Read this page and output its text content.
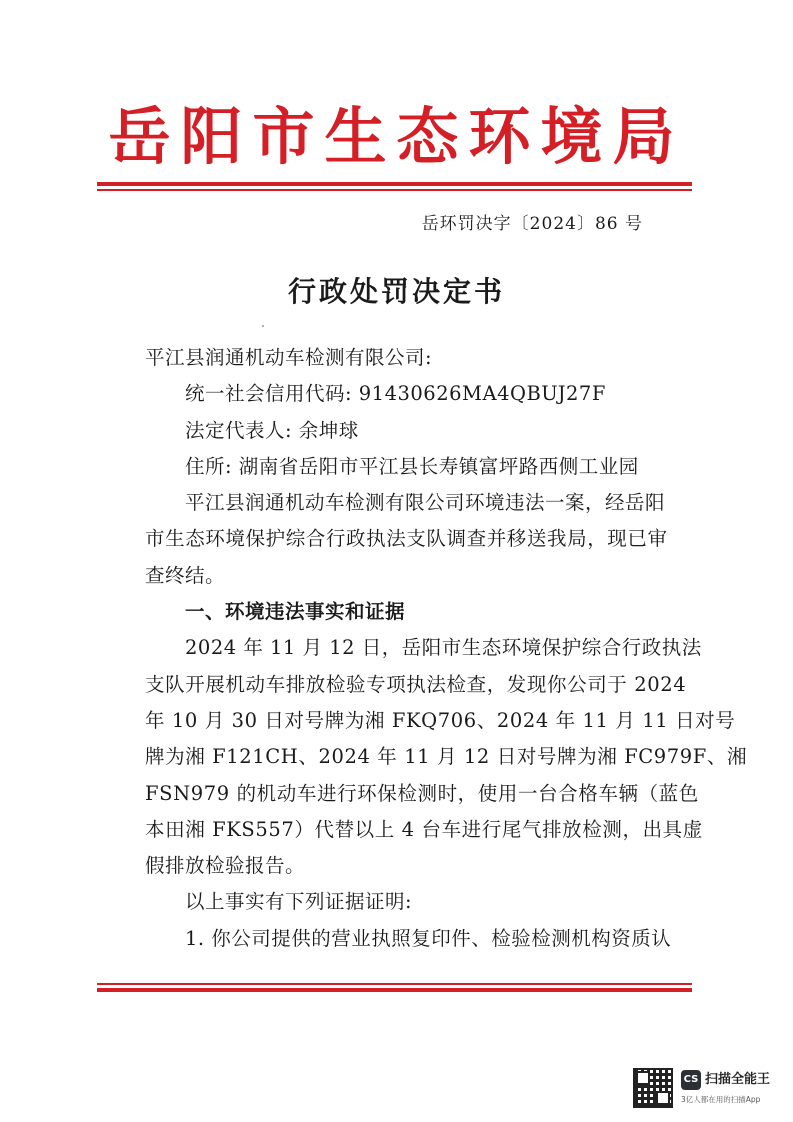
岳阳市生态环境局
岳环罚决字〔2024〕86 号
行政处罚决定书
平江县润通机动车检测有限公司:
统一社会信用代码: 91430626MA4QBUJ27F
法定代表人: 余坤球
住所: 湖南省岳阳市平江县长寿镇富坪路西侧工业园
平江县润通机动车检测有限公司环境违法一案，经岳阳
市生态环境保护综合行政执法支队调查并移送我局，现已审
查终结。
一、环境违法事实和证据
2024 年 11 月 12 日，岳阳市生态环境保护综合行政执法
支队开展机动车排放检验专项执法检查，发现你公司于 2024
年 10 月 30 日对号牌为湘 FKQ706、2024 年 11 月 11 日对号
牌为湘 F121CH、2024 年 11 月 12 日对号牌为湘 FC979F、湘
FSN979 的机动车进行环保检测时，使用一台合格车辆（蓝色
本田湘 FKS557）代替以上 4 台车进行尾气排放检测，出具虚
假排放检验报告。
以上事实有下列证据证明:
1. 你公司提供的营业执照复印件、检验检测机构资质认
CS 扫描全能王
3亿人都在用的扫描App
